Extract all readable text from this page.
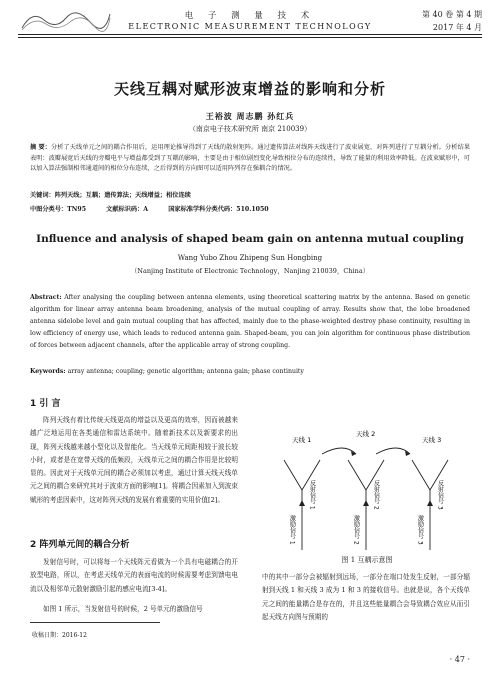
电 子 测 量 技 术
ELECTRONIC MEASUREMENT TECHNOLOGY
第 40 卷 第 4 期
2017 年 4 月
天线互耦对赋形波束增益的影响和分析
王裕波 周志鹏 孙红兵
（南京电子技术研究所 南京 210039）
摘 要：分析了天线单元之间的耦合作用后，运用理论推导得到了天线的散射矩阵。通过遗传算法对线阵天线进行了波束展宽，对阵列进行了互耦分析。分析结果表明：波瓣展宽后天线的旁瓣电平与增益都受到了互耦的影响，主要是由于相位剧烈变化导致相位分布的连续性，导致了能量的利用效率降低。在波束赋形中，可以加入算法强制相邻通道间的相位分布连续，之后得到的方向图可以适用阵列存在强耦合的情况。
关键词：阵列天线；互耦；遗传算法；天线增益；相位连续
中图分类号：TN95	文献标识码：A	国家标准学科分类代码：510.1050
Influence and analysis of shaped beam gain on antenna mutual coupling
Wang Yubo Zhou Zhipeng Sun Hongbing
（Nanjing Institute of Electronic Technology，Nanjing 210039，China）
Abstract: After analysing the coupling between antenna elements, using theoretical scattering matrix by the antenna. Based on genetic algorithm for linear array antenna beam broadening, analysis of the mutual coupling of array. Results show that, the lobe broadened antenna sidelobe level and gain mutual coupling that has affected, mainly due to the phase-weighted destroy phase continuity, resulting in low efficiency of energy use, which leads to reduced antenna gain. Shaped-beam, you can join algorithm for continuous phase distribution of forces between adjacent channels, after the applicable array of strong coupling.
Keywords: array antenna; coupling; genetic algorithm; antenna gain; phase continuity
1 引 言
阵列天线有着比传统天线更高的增益以及更高的效率，因而被越来越广泛地运用在各类通信和雷达系统中。随着新技术以及新要求的出现，阵列天线越来越小型化以及智能化。当天线单元间距相较于波长较小时，或者是在宽带天线的低频段，天线单元之间的耦合作用是比较明显的。因此对于天线单元间的耦合必须加以考虑，通过计算天线天线单元之间的耦合来研究其对于波束方面的影响[1]。将耦合因素加入到波束赋形的考虑因素中，这对阵列天线的发展有着重要的实用价值[2]。
2 阵列单元间的耦合分析
发射信号时，可以将每一个天线阵元看做为一个具有电磁耦合的开放型电路，所以，在考虑天线单元的表面电流的时候需要考虑到馈电电流以及相邻单元散射激励引起的感应电流[3-4]。
如图 1 所示，当发射信号的时候，2 号单元的激励信号
天线 1
天线 2
天线 3
激励信号 1
反射信号 1
激励信号 2
反射信号 2
激励信号 3
反射信号 3
图 1 互耦示意图
中的其中一部分会被辐射到远场，一部分在端口处发生反射，一部分辐射到天线 1 和天线 3 成为 1 和 3 的接收信号。也就是说，各个天线单元之间的能量耦合是存在的，并且这些能量耦合会导致耦合效应从而引起天线方向图与预期的
收稿日期：2016-12
· 47 ·
